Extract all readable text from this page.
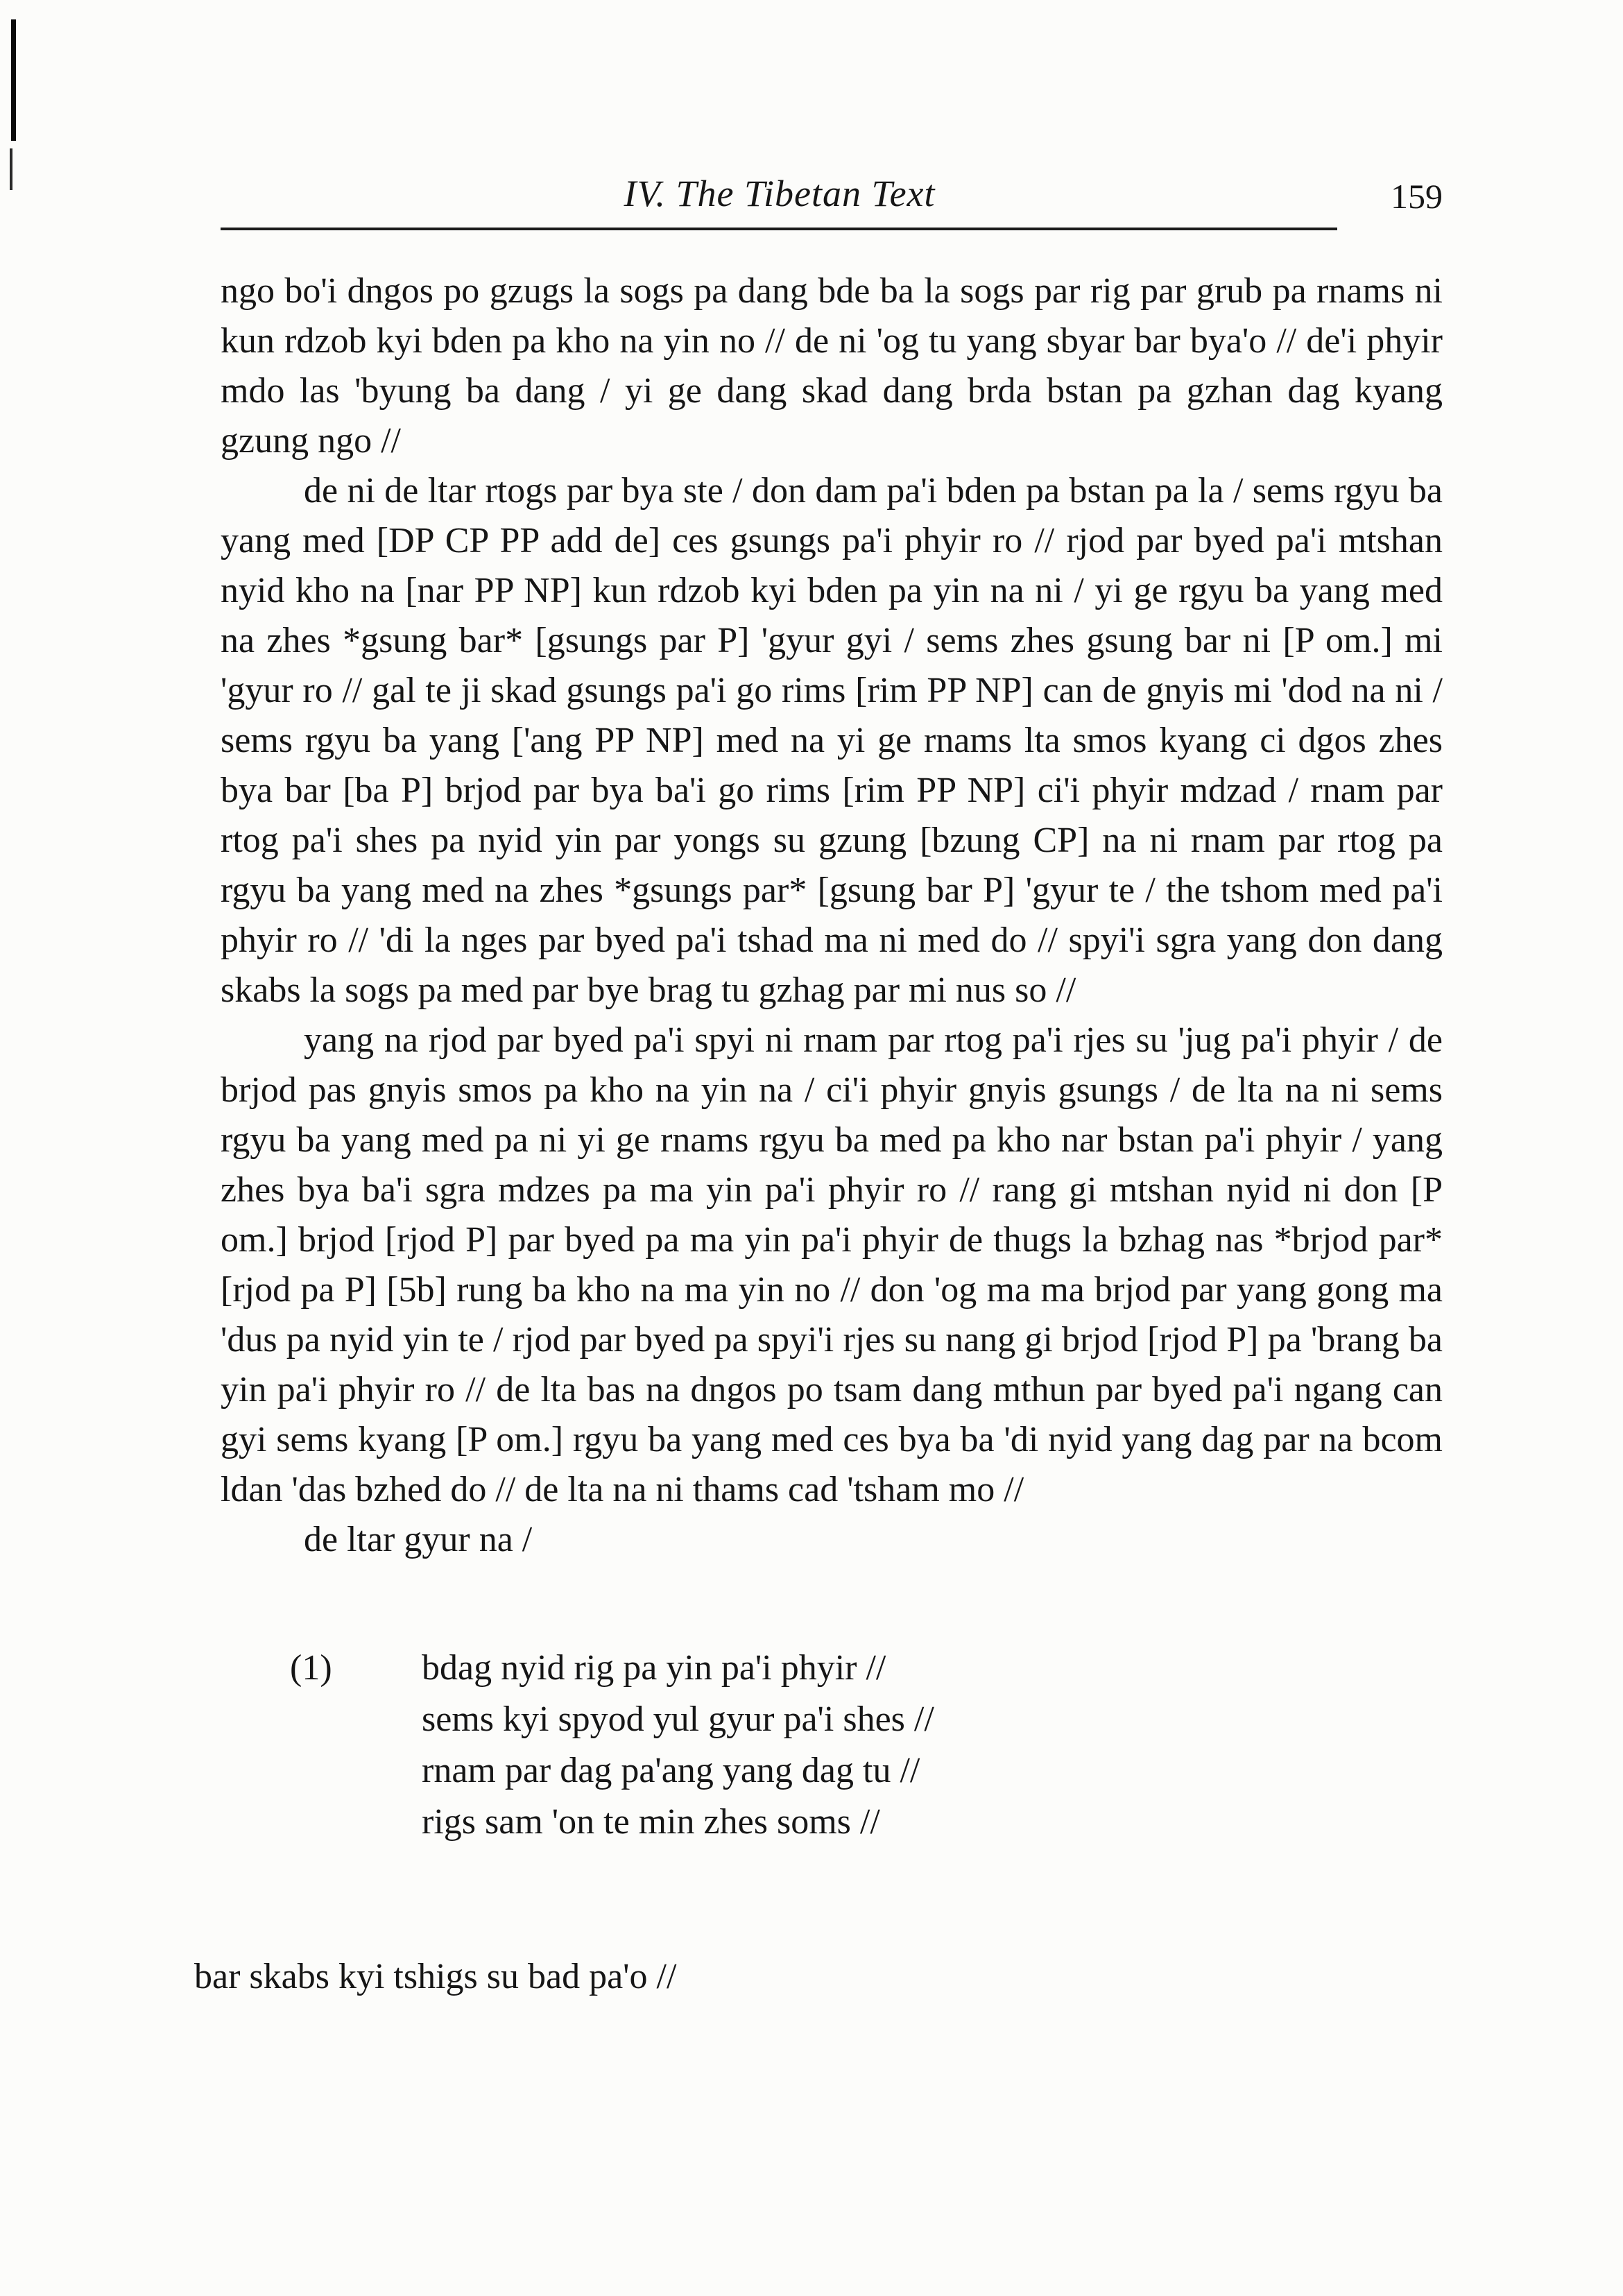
IV. The Tibetan Text	159

ngo bo'i dngos po gzugs la sogs pa dang bde ba la sogs par rig par grub pa rnams ni kun rdzob kyi bden pa kho na yin no // de ni 'og tu yang sbyar bar bya'o // de'i phyir mdo las 'byung ba dang / yi ge dang skad dang brda bstan pa gzhan dag kyang gzung ngo //

de ni de ltar rtogs par bya ste / don dam pa'i bden pa bstan pa la / sems rgyu ba yang med [DP CP PP add de] ces gsungs pa'i phyir ro // rjod par byed pa'i mtshan nyid kho na [nar PP NP] kun rdzob kyi bden pa yin na ni / yi ge rgyu ba yang med na zhes *gsung bar* [gsungs par P] 'gyur gyi / sems zhes gsung bar ni [P om.] mi 'gyur ro // gal te ji skad gsungs pa'i go rims [rim PP NP] can de gnyis mi 'dod na ni / sems rgyu ba yang ['ang PP NP] med na yi ge rnams lta smos kyang ci dgos zhes bya bar [ba P] brjod par bya ba'i go rims [rim PP NP] ci'i phyir mdzad / rnam par rtog pa'i shes pa nyid yin par yongs su gzung [bzung CP] na ni rnam par rtog pa rgyu ba yang med na zhes *gsungs par* [gsung bar P] 'gyur te / the tshom med pa'i phyir ro // 'di la nges par byed pa'i tshad ma ni med do // spyi'i sgra yang don dang skabs la sogs pa med par bye brag tu gzhag par mi nus so //

yang na rjod par byed pa'i spyi ni rnam par rtog pa'i rjes su 'jug pa'i phyir / de brjod pas gnyis smos pa kho na yin na / ci'i phyir gnyis gsungs / de lta na ni sems rgyu ba yang med pa ni yi ge rnams rgyu ba med pa kho nar bstan pa'i phyir / yang zhes bya ba'i sgra mdzes pa ma yin pa'i phyir ro // rang gi mtshan nyid ni don [P om.] brjod [rjod P] par byed pa ma yin pa'i phyir de thugs la bzhag nas *brjod par* [rjod pa P] [5b] rung ba kho na ma yin no // don 'og ma ma brjod par yang gong ma 'dus pa nyid yin te / rjod par byed pa spyi'i rjes su nang gi brjod [rjod P] pa 'brang ba yin pa'i phyir ro // de lta bas na dngos po tsam dang mthun par byed pa'i ngang can gyi sems kyang [P om.] rgyu ba yang med ces bya ba 'di nyid yang dag par na bcom ldan 'das bzhed do // de lta na ni thams cad 'tsham mo //

de ltar gyur na /

(1)	bdag nyid rig pa yin pa'i phyir //
sems kyi spyod yul gyur pa'i shes //
rnam par dag pa'ang yang dag tu //
rigs sam 'on te min zhes soms //
bar skabs kyi tshigs su bad pa'o //
